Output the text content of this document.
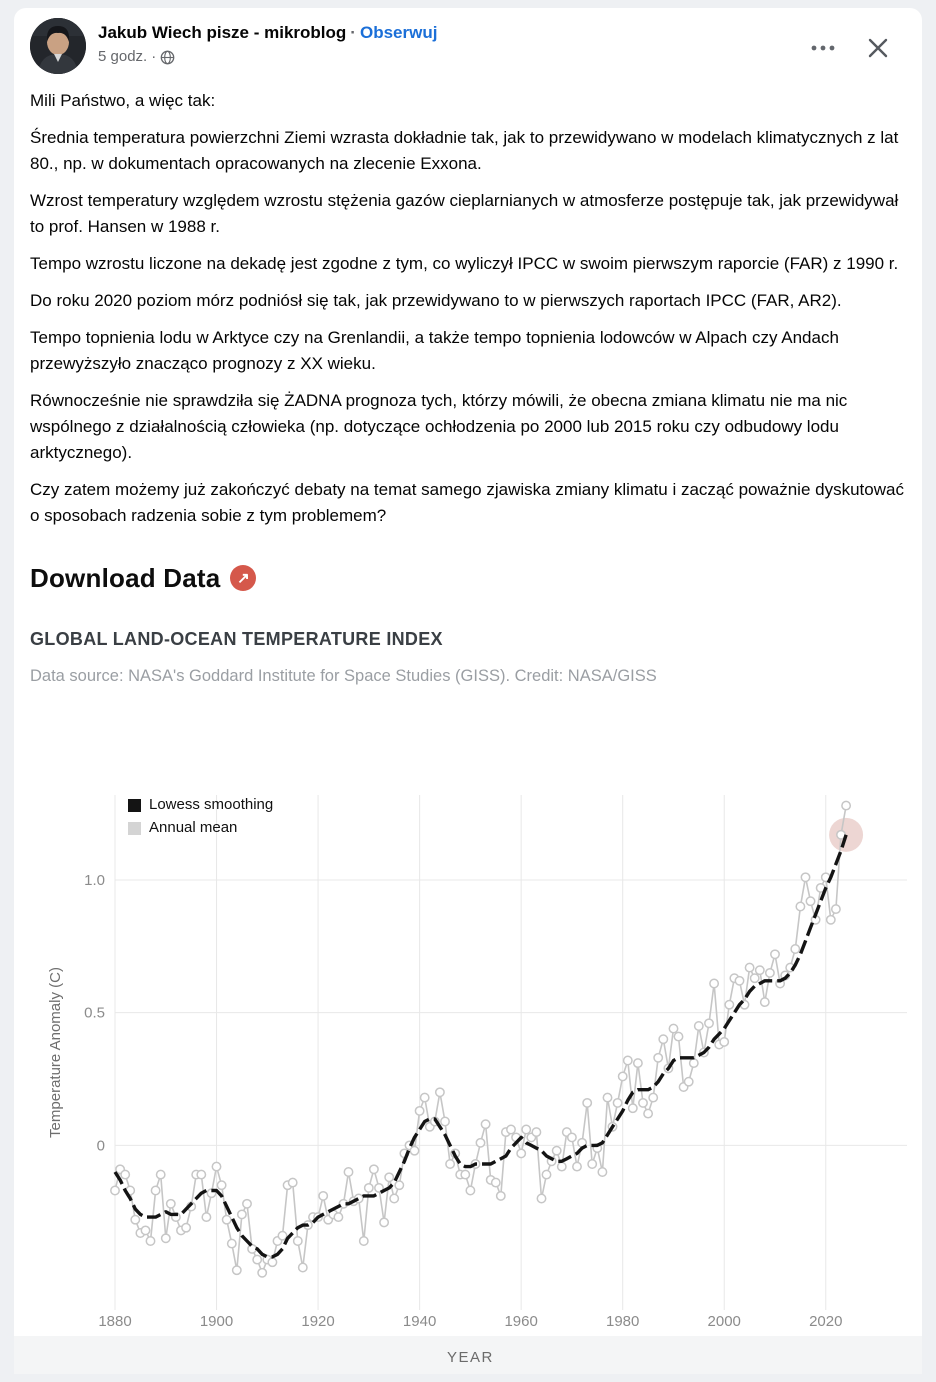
Jakub Wiech pisze - mikroblog · Obserwuj
5 godz. ·

Mili Państwo, a więc tak:

Średnia temperatura powierzchni Ziemi wzrasta dokładnie tak, jak to przewidywano w modelach klimatycznych z lat 80., np. w dokumentach opracowanych na zlecenie Exxona.

Wzrost temperatury względem wzrostu stężenia gazów cieplarnianych w atmosferze postępuje tak, jak przewidywał to prof. Hansen w 1988 r.

Tempo wzrostu liczone na dekadę jest zgodne z tym, co wyliczył IPCC w swoim pierwszym raporcie (FAR) z 1990 r.

Do roku 2020 poziom mórz podniósł się tak, jak przewidywano to w pierwszych raportach IPCC (FAR, AR2).

Tempo topnienia lodu w Arktyce czy na Grenlandii, a także tempo topnienia lodowców w Alpach czy Andach przewyższyło znacząco prognozy z XX wieku.

Równocześnie nie sprawdziła się ŻADNA prognoza tych, którzy mówili, że obecna zmiana klimatu nie ma nic wspólnego z działalnością człowieka (np. dotyczące ochłodzenia po 2000 lub 2015 roku czy odbudowy lodu arktycznego).

Czy zatem możemy już zakończyć debaty na temat samego zjawiska zmiany klimatu i zacząć poważnie dyskutować o sposobach radzenia sobie z tym problemem?

Download Data ↗
GLOBAL LAND-OCEAN TEMPERATURE INDEX
Data source: NASA's Goddard Institute for Space Studies (GISS). Credit: NASA/GISS
1880	1900	1920	1940	1960	1980	2000	2020
0
0.5
1.0
Temperature Anomaly (C)
YEAR
Lowess smoothing
Annual mean
